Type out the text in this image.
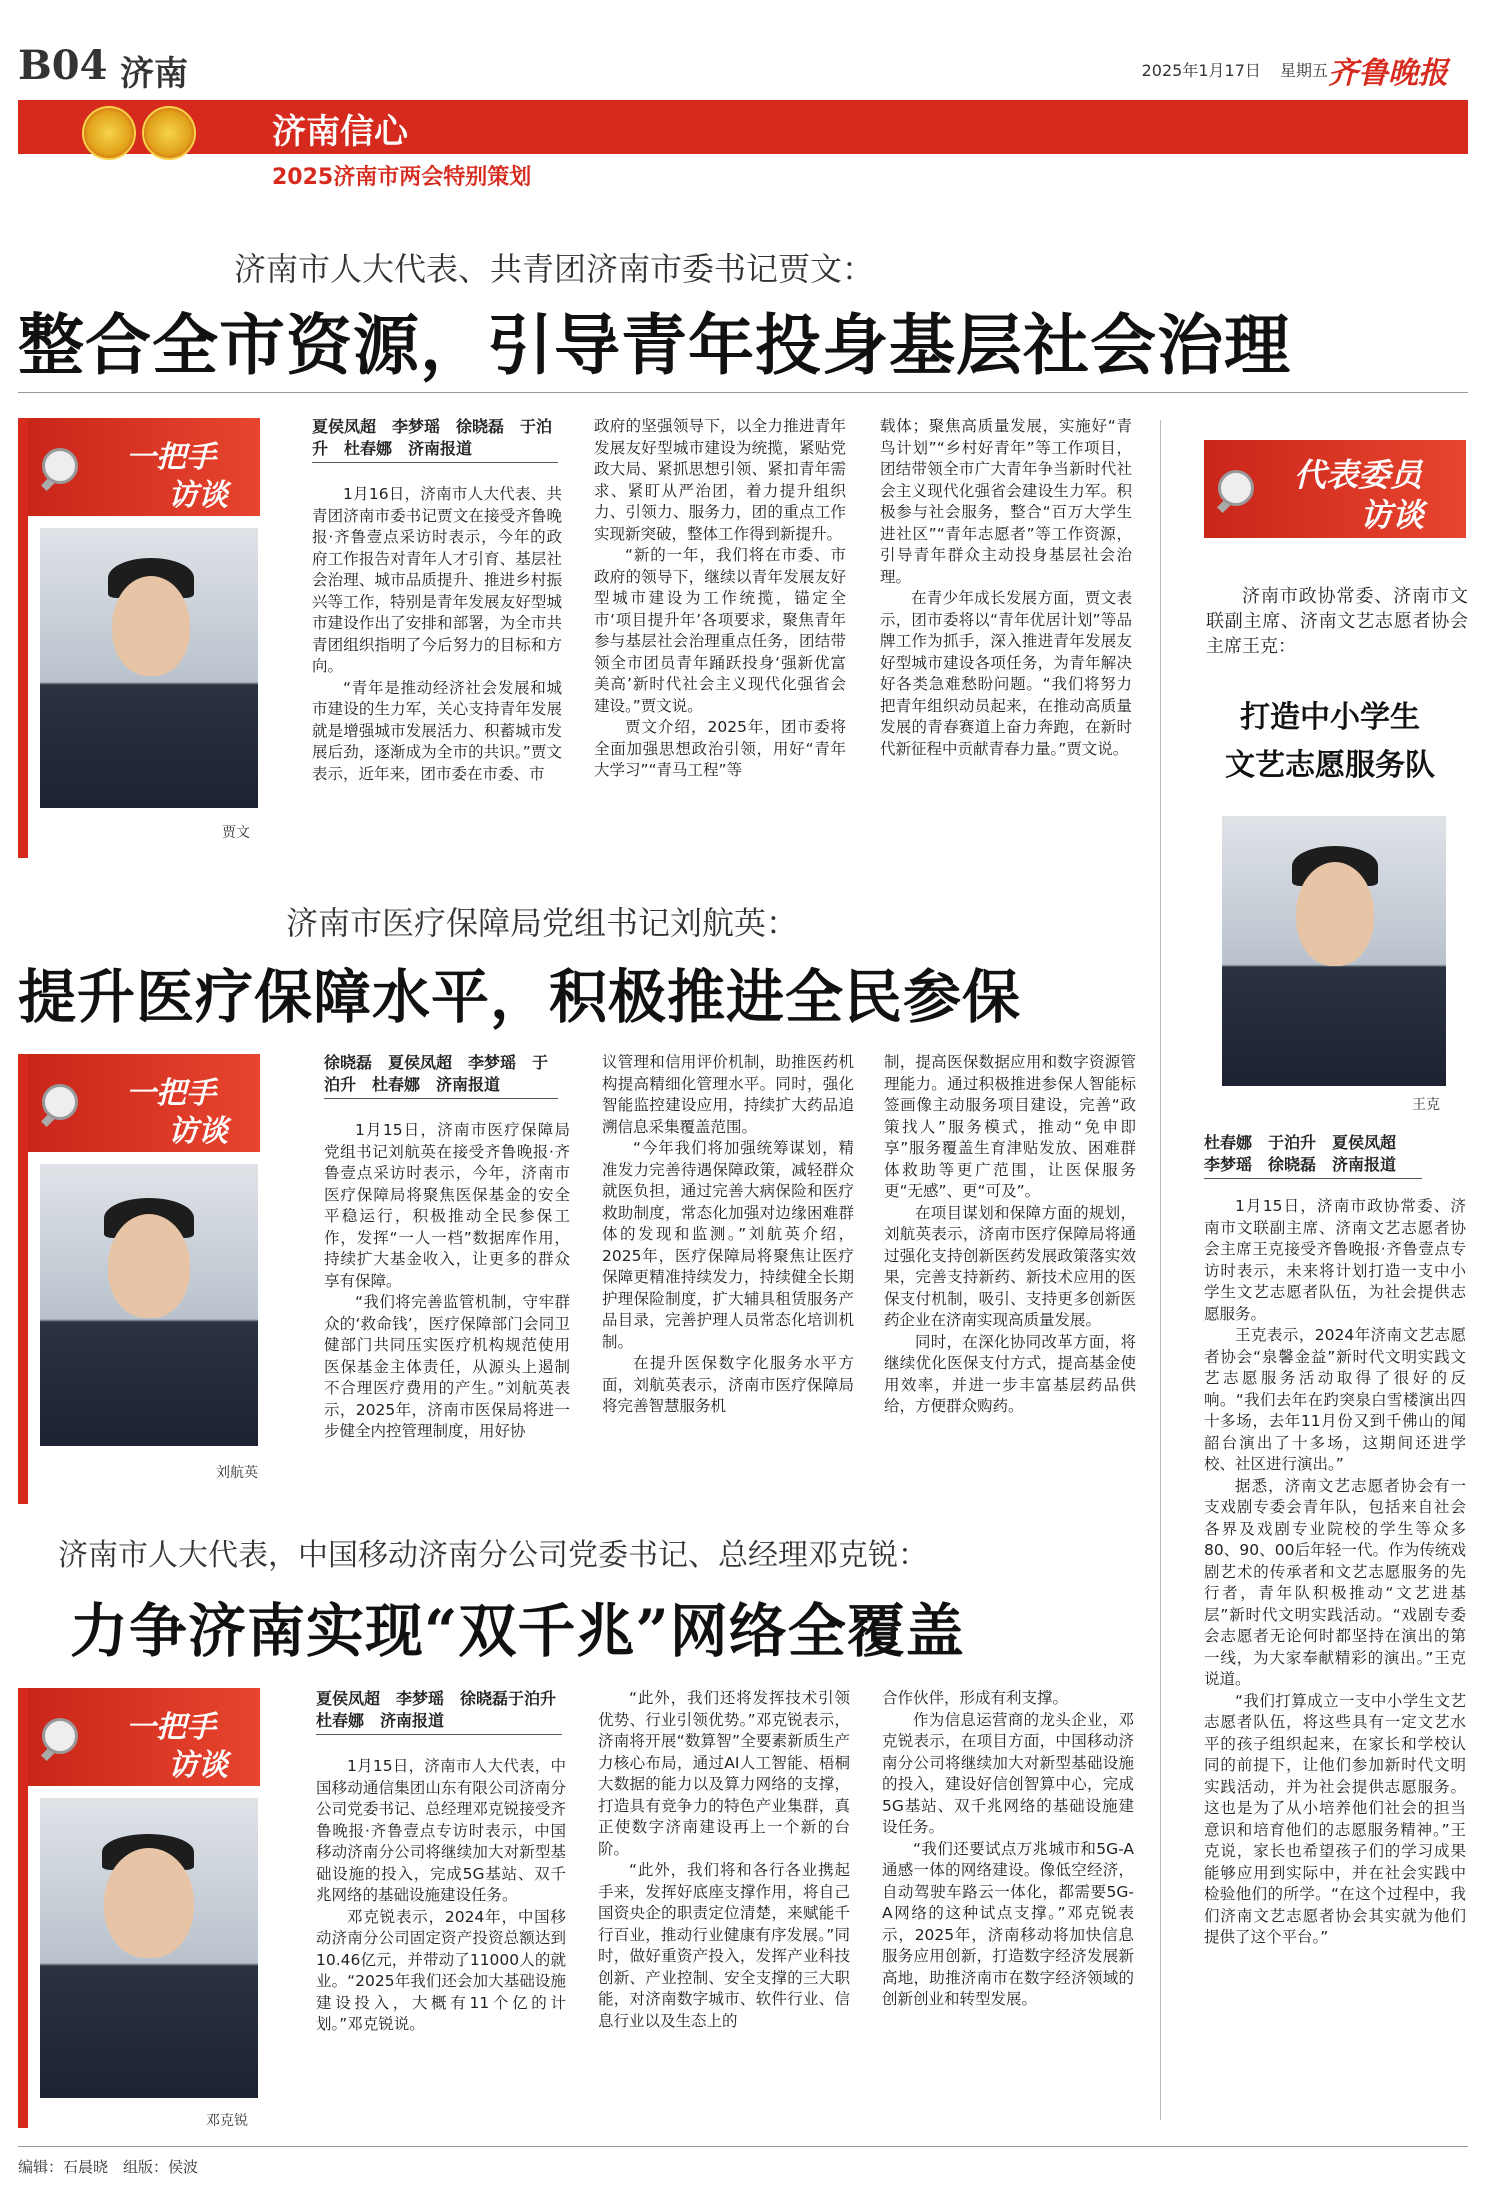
B04 济南	2025年1月17日 星期五 齐鲁晚报
济南信心
2025济南市两会特别策划
济南市人大代表、共青团济南市委书记贾文：
整合全市资源，引导青年投身基层社会治理
一把手
访谈
贾文
夏侯凤超　李梦瑶　徐晓磊　于泊升　杜春娜　济南报道

1月16日，济南市人大代表、共青团济南市委书记贾文在接受齐鲁晚报·齐鲁壹点采访时表示，今年的政府工作报告对青年人才引育、基层社会治理、城市品质提升、推进乡村振兴等工作，特别是青年发展友好型城市建设作出了安排和部署，为全市共青团组织指明了今后努力的目标和方向。

“青年是推动经济社会发展和城市建设的生力军，关心支持青年发展就是增强城市发展活力、积蓄城市发展后劲，逐渐成为全市的共识。”贾文表示，近年来，团市委在市委、市

政府的坚强领导下，以全力推进青年发展友好型城市建设为统揽，紧贴党政大局、紧抓思想引领、紧扣青年需求、紧盯从严治团，着力提升组织力、引领力、服务力，团的重点工作实现新突破，整体工作得到新提升。

“新的一年，我们将在市委、市政府的领导下，继续以青年发展友好型城市建设为工作统揽，锚定全市‘项目提升年’各项要求，聚焦青年参与基层社会治理重点任务，团结带领全市团员青年踊跃投身‘强新优富美高’新时代社会主义现代化强省会建设。”贾文说。

贾文介绍，2025年，团市委将全面加强思想政治引领，用好“青年大学习”“青马工程”等

载体；聚焦高质量发展，实施好“青鸟计划”“乡村好青年”等工作项目，团结带领全市广大青年争当新时代社会主义现代化强省会建设生力军。积极参与社会服务，整合“百万大学生进社区”“青年志愿者”等工作资源，引导青年群众主动投身基层社会治理。

在青少年成长发展方面，贾文表示，团市委将以“青年优居计划”等品牌工作为抓手，深入推进青年发展友好型城市建设各项任务，为青年解决好各类急难愁盼问题。“我们将努力把青年组织动员起来，在推动高质量发展的青春赛道上奋力奔跑，在新时代新征程中贡献青春力量。”贾文说。

济南市医疗保障局党组书记刘航英：
提升医疗保障水平，积极推进全民参保
一把手
访谈
刘航英
徐晓磊　夏侯凤超　李梦瑶　于泊升　杜春娜　济南报道

1月15日，济南市医疗保障局党组书记刘航英在接受齐鲁晚报·齐鲁壹点采访时表示，今年，济南市医疗保障局将聚焦医保基金的安全平稳运行，积极推动全民参保工作，发挥“一人一档”数据库作用，持续扩大基金收入，让更多的群众享有保障。

“我们将完善监管机制，守牢群众的‘救命钱’，医疗保障部门会同卫健部门共同压实医疗机构规范使用医保基金主体责任，从源头上遏制不合理医疗费用的产生。”刘航英表示，2025年，济南市医保局将进一步健全内控管理制度，用好协

议管理和信用评价机制，助推医药机构提高精细化管理水平。同时，强化智能监控建设应用，持续扩大药品追溯信息采集覆盖范围。

“今年我们将加强统筹谋划，精准发力完善待遇保障政策，减轻群众就医负担，通过完善大病保险和医疗救助制度，常态化加强对边缘困难群体的发现和监测。”刘航英介绍，2025年，医疗保障局将聚焦让医疗保障更精准持续发力，持续健全长期护理保险制度，扩大辅具租赁服务产品目录，完善护理人员常态化培训机制。

在提升医保数字化服务水平方面，刘航英表示，济南市医疗保障局将完善智慧服务机

制，提高医保数据应用和数字资源管理能力。通过积极推进参保人智能标签画像主动服务项目建设，完善“政策找人”服务模式，推动“免申即享”服务覆盖生育津贴发放、困难群体救助等更广范围，让医保服务更“无感”、更“可及”。

在项目谋划和保障方面的规划，刘航英表示，济南市医疗保障局将通过强化支持创新医药发展政策落实效果，完善支持新药、新技术应用的医保支付机制，吸引、支持更多创新医药企业在济南实现高质量发展。

同时，在深化协同改革方面，将继续优化医保支付方式，提高基金使用效率，并进一步丰富基层药品供给，方便群众购药。

济南市人大代表，中国移动济南分公司党委书记、总经理邓克锐：
力争济南实现“双千兆”网络全覆盖
一把手
访谈
邓克锐
夏侯凤超　李梦瑶　徐晓磊于泊升　杜春娜　济南报道

1月15日，济南市人大代表，中国移动通信集团山东有限公司济南分公司党委书记、总经理邓克锐接受齐鲁晚报·齐鲁壹点专访时表示，中国移动济南分公司将继续加大对新型基础设施的投入，完成5G基站、双千兆网络的基础设施建设任务。

邓克锐表示，2024年，中国移动济南分公司固定资产投资总额达到10.46亿元，并带动了11000人的就业。“2025年我们还会加大基础设施建设投入，大概有11个亿的计划。”邓克锐说。

“此外，我们还将发挥技术引领优势、行业引领优势。”邓克锐表示，济南将开展“数算智”全要素新质生产力核心布局，通过AI人工智能、梧桐大数据的能力以及算力网络的支撑，打造具有竞争力的特色产业集群，真正使数字济南建设再上一个新的台阶。

“此外，我们将和各行各业携起手来，发挥好底座支撑作用，将自己国资央企的职责定位清楚，来赋能千行百业，推动行业健康有序发展。”同时，做好重资产投入，发挥产业科技创新、产业控制、安全支撑的三大职能，对济南数字城市、软件行业、信息行业以及生态上的

合作伙伴，形成有利支撑。

作为信息运营商的龙头企业，邓克锐表示，在项目方面，中国移动济南分公司将继续加大对新型基础设施的投入，建设好信创智算中心，完成5G基站、双千兆网络的基础设施建设任务。

“我们还要试点万兆城市和5G-A通感一体的网络建设。像低空经济，自动驾驶车路云一体化，都需要5G-A网络的这种试点支撑。”邓克锐表示，2025年，济南移动将加快信息服务应用创新，打造数字经济发展新高地，助推济南市在数字经济领域的创新创业和转型发展。

代表委员
访谈

济南市政协常委、济南市文联副主席、济南文艺志愿者协会主席王克：

打造中小学生
文艺志愿服务队
王克
杜春娜　于泊升　夏侯凤超　李梦瑶　徐晓磊　济南报道

1月15日，济南市政协常委、济南市文联副主席、济南文艺志愿者协会主席王克接受齐鲁晚报·齐鲁壹点专访时表示，未来将计划打造一支中小学生文艺志愿者队伍，为社会提供志愿服务。

王克表示，2024年济南文艺志愿者协会“泉馨金益”新时代文明实践文艺志愿服务活动取得了很好的反响。“我们去年在趵突泉白雪楼演出四十多场，去年11月份又到千佛山的闻韶台演出了十多场，这期间还进学校、社区进行演出。”

据悉，济南文艺志愿者协会有一支戏剧专委会青年队，包括来自社会各界及戏剧专业院校的学生等众多80、90、00后年轻一代。作为传统戏剧艺术的传承者和文艺志愿服务的先行者，青年队积极推动“文艺进基层”新时代文明实践活动。“戏剧专委会志愿者无论何时都坚持在演出的第一线，为大家奉献精彩的演出。”王克说道。

“我们打算成立一支中小学生文艺志愿者队伍，将这些具有一定文艺水平的孩子组织起来，在家长和学校认同的前提下，让他们参加新时代文明实践活动，并为社会提供志愿服务。这也是为了从小培养他们社会的担当意识和培育他们的志愿服务精神。”王克说，家长也希望孩子们的学习成果能够应用到实际中，并在社会实践中检验他们的所学。“在这个过程中，我们济南文艺志愿者协会其实就为他们提供了这个平台。”

编辑：石晨晓　组版：侯波
